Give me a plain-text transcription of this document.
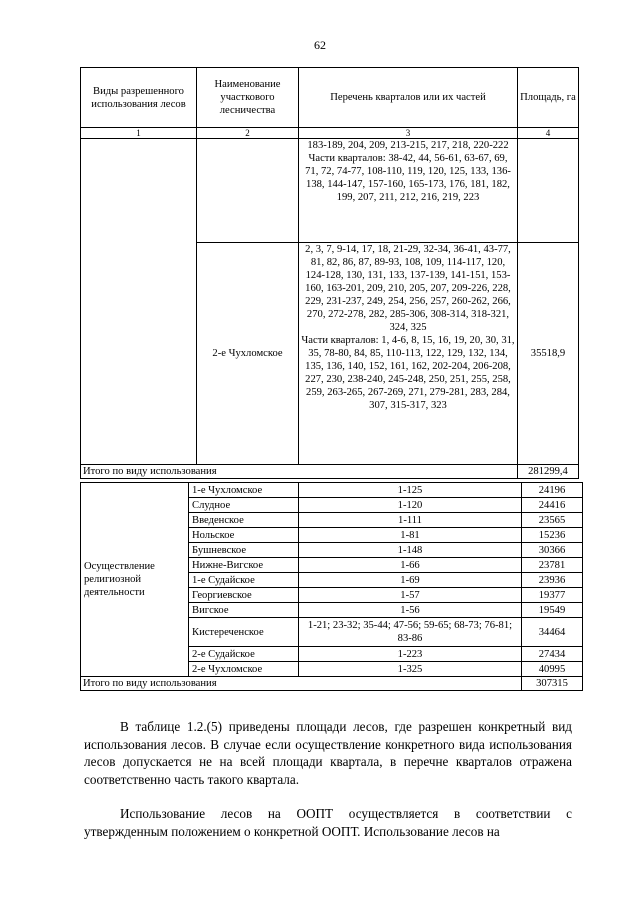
62
Виды разрешенного использования лесов	Наименование участкового лесничества	Перечень кварталов или их частей	Площадь, га
1	2	3	4

		183-189, 204, 209, 213-215, 217, 218, 220-222
Части кварталов: 38-42, 44, 56-61, 63-67, 69, 71, 72, 74-77, 108-110, 119, 120, 125, 133, 136-138, 144-147, 157-160, 165-173, 176, 181, 182, 199, 207, 211, 212, 216, 219, 223	

	2-е Чухломское	2, 3, 7, 9-14, 17, 18, 21-29, 32-34, 36-41, 43-77, 81, 82, 86, 87, 89-93, 108, 109, 114-117, 120, 124-128, 130, 131, 133, 137-139, 141-151, 153-160, 163-201, 209, 210, 205, 207, 209-226, 228, 229, 231-237, 249, 254, 256, 257, 260-262, 266, 270, 272-278, 282, 285-306, 308-314, 318-321, 324, 325
Части кварталов: 1, 4-6, 8, 15, 16, 19, 20, 30, 31, 35, 78-80, 84, 85, 110-113, 122, 129, 132, 134, 135, 136, 140, 152, 161, 162, 202-204, 206-208, 227, 230, 238-240, 245-248, 250, 251, 255, 258, 259, 263-265, 267-269, 271, 279-281, 283, 284, 307, 315-317, 323	35518,9
Итого по виду использования			281299,4
Осуществление религиозной деятельности	1-е Чухломское	1-125	24196
	Слудное	1-120	24416
	Введенское	1-111	23565
	Нольское	1-81	15236
	Бушневское	1-148	30366
	Нижне-Вигское	1-66	23781
	1-е Судайское	1-69	23936
	Георгиевское	1-57	19377
	Вигское	1-56	19549
	Кистереченское	1-21; 23-32; 35-44; 47-56; 59-65; 68-73; 76-81; 83-86	34464
	2-е Судайское	1-223	27434
	2-е Чухломское	1-325	40995
Итого по виду использования			307315

В таблице 1.2.(5) приведены площади лесов, где разрешен конкретный вид использования лесов. В случае если осуществление конкретного вида использования лесов допускается не на всей площади квартала, в перечне кварталов отражена соответственно часть такого квартала.

Использование лесов на ООПТ осуществляется в соответствии с утвержденным положением о конкретной ООПТ. Использование лесов на
